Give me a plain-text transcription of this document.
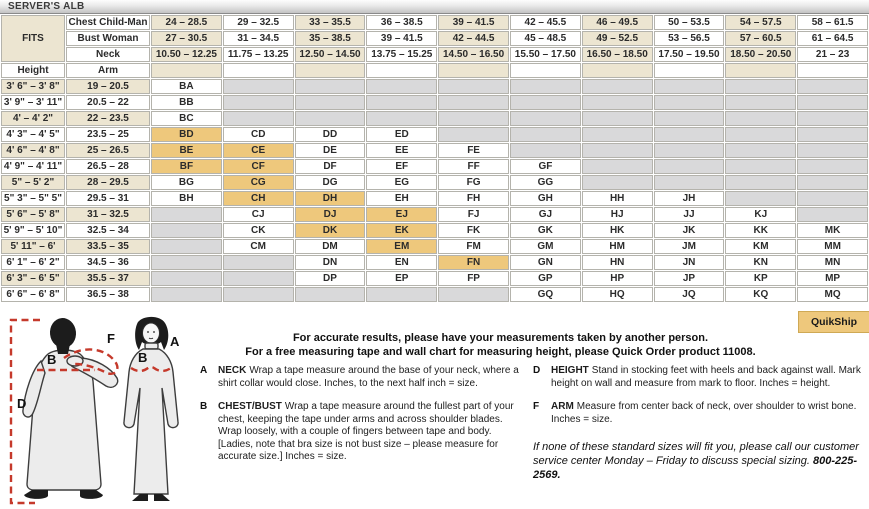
SERVER'S ALB
FITS	Chest Child-Man	24 – 28.5	29 – 32.5	33 – 35.5	36 – 38.5	39 – 41.5	42 – 45.5	46 – 49.5	50 – 53.5	54 – 57.5	58 – 61.5
	Bust Woman	27 – 30.5	31 – 34.5	35 – 38.5	39 – 41.5	42 – 44.5	45 – 48.5	49 – 52.5	53 – 56.5	57 – 60.5	61 – 64.5
	Neck	10.50 – 12.25	11.75 – 13.25	12.50 – 14.50	13.75 – 15.25	14.50 – 16.50	15.50 – 17.50	16.50 – 18.50	17.50 – 19.50	18.50 – 20.50	21 – 23
Height	Arm										
3' 6" – 3' 8"	19 – 20.5	BA									
3' 9" – 3' 11"	20.5 – 22	BB									
4' – 4' 2"	22 – 23.5	BC									
4' 3" – 4' 5"	23.5 – 25	BD	CD	DD	ED						
4' 6" – 4' 8"	25 – 26.5	BE	CE	DE	EE	FE					
4' 9" – 4' 11"	26.5 – 28	BF	CF	DF	EF	FF	GF				
5" – 5' 2"	28 – 29.5	BG	CG	DG	EG	FG	GG				
5" 3" – 5" 5"	29.5 – 31	BH	CH	DH	EH	FH	GH	HH	JH		
5' 6" – 5' 8"	31 – 32.5		CJ	DJ	EJ	FJ	GJ	HJ	JJ	KJ	
5' 9" – 5' 10"	32.5 – 34		CK	DK	EK	FK	GK	HK	JK	KK	MK
5' 11" – 6'	33.5 – 35		CM	DM	EM	FM	GM	HM	JM	KM	MM
6' 1" – 6' 2"	34.5 – 36			DN	EN	FN	GN	HN	JN	KN	MN
6' 3" – 6' 5"	35.5 – 37			DP	EP	FP	GP	HP	JP	KP	MP
6' 6" – 6' 8"	36.5 – 38						GQ	HQ	JQ	KQ	MQ
QuikShip
D
B
F	A
B
For accurate results, please have your measurements taken by another person.
For a free measuring tape and wall chart for measuring height, please Quick Order product 11008.
A	NECK Wrap a tape measure around the base of your neck, where a shirt collar would close. Inches, to the next half inch = size.

B	CHEST/BUST Wrap a tape measure around the fullest part of your chest, keeping the tape under arms and across shoulder blades. Wrap loosely, with a couple of fingers between tape and body. [Ladies, note that bra size is not bust size – please measure for accurate size.] Inches = size.

D	HEIGHT Stand in stocking feet with heels and back against wall. Mark height on wall and measure from mark to floor. Inches = height.

F	ARM Measure from center back of neck, over shoulder to wrist bone. Inches = size.

If none of these standard sizes will fit you, please call our customer service center Monday – Friday to discuss special sizing. 800-225-2569.
